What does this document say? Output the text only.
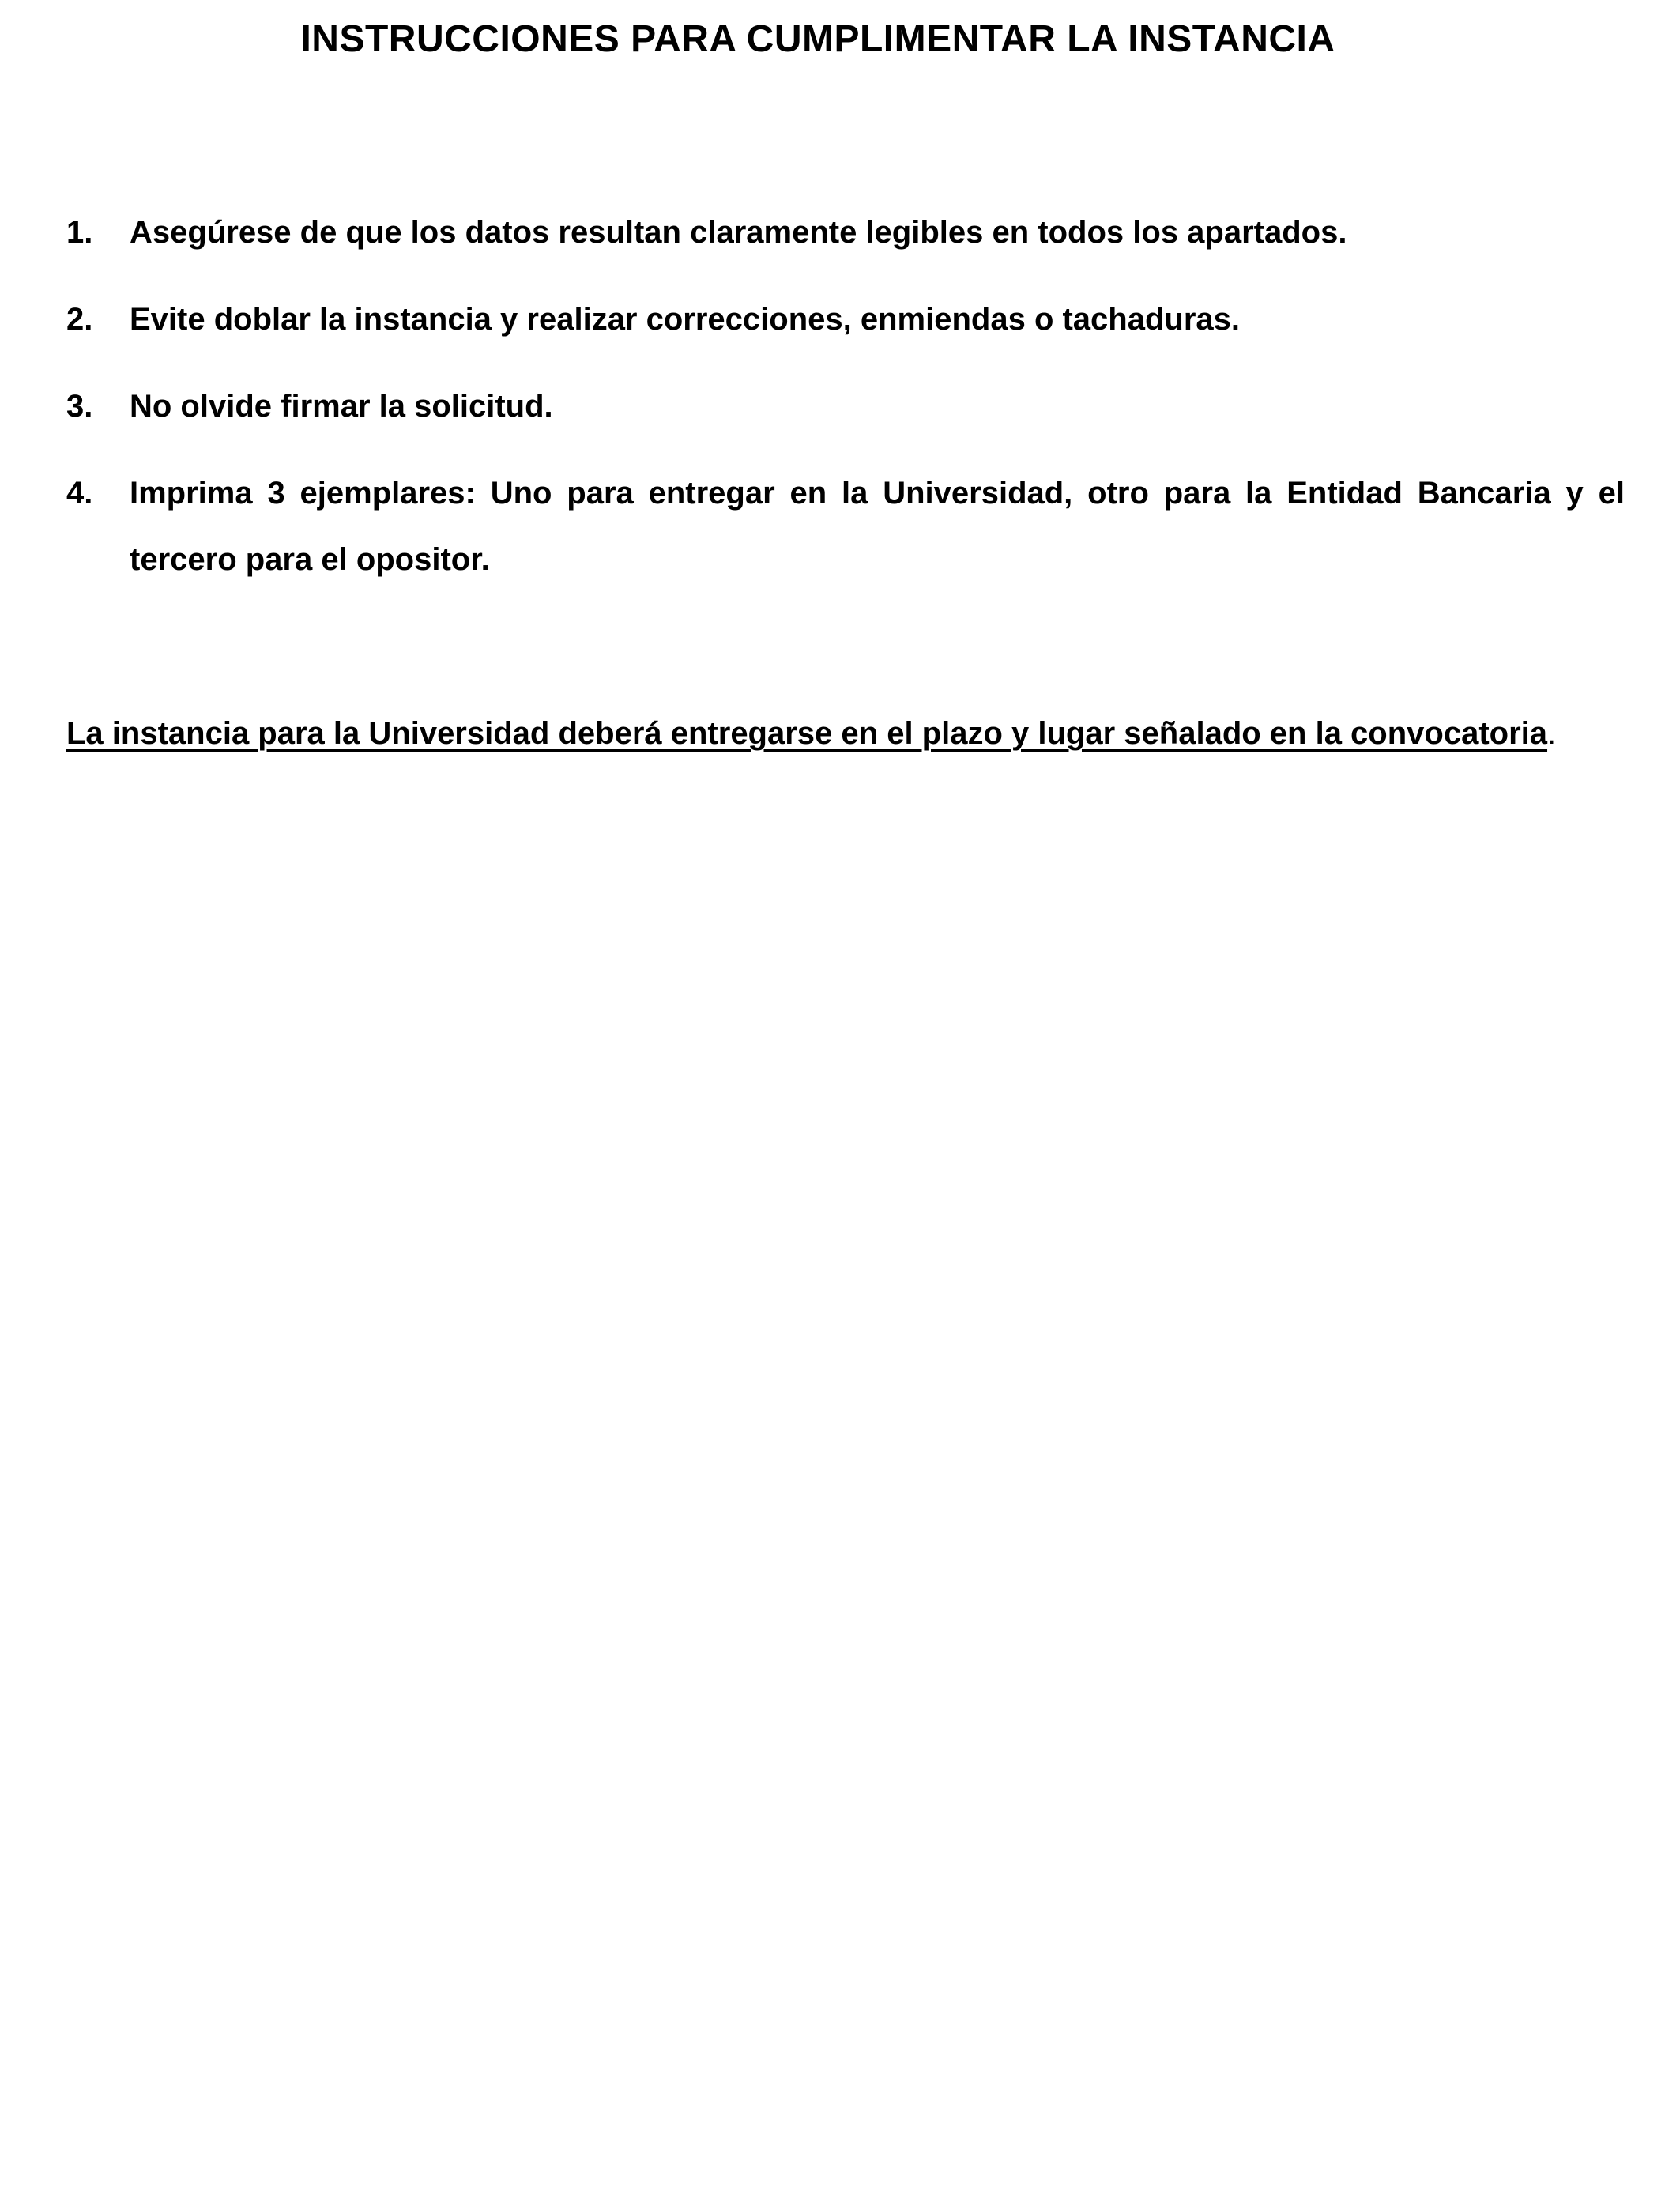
INSTRUCCIONES PARA CUMPLIMENTAR LA INSTANCIA
1.	Asegúrese de que los datos resultan claramente legibles en todos los apartados.
2.	Evite doblar la instancia y realizar correcciones, enmiendas o tachaduras.
3.	No olvide firmar la solicitud.
4.	Imprima 3 ejemplares: Uno para entregar en la Universidad, otro para la Entidad Bancaria y el tercero para el opositor.

La instancia para la Universidad deberá entregarse en el plazo y lugar señalado en la convocatoria.
